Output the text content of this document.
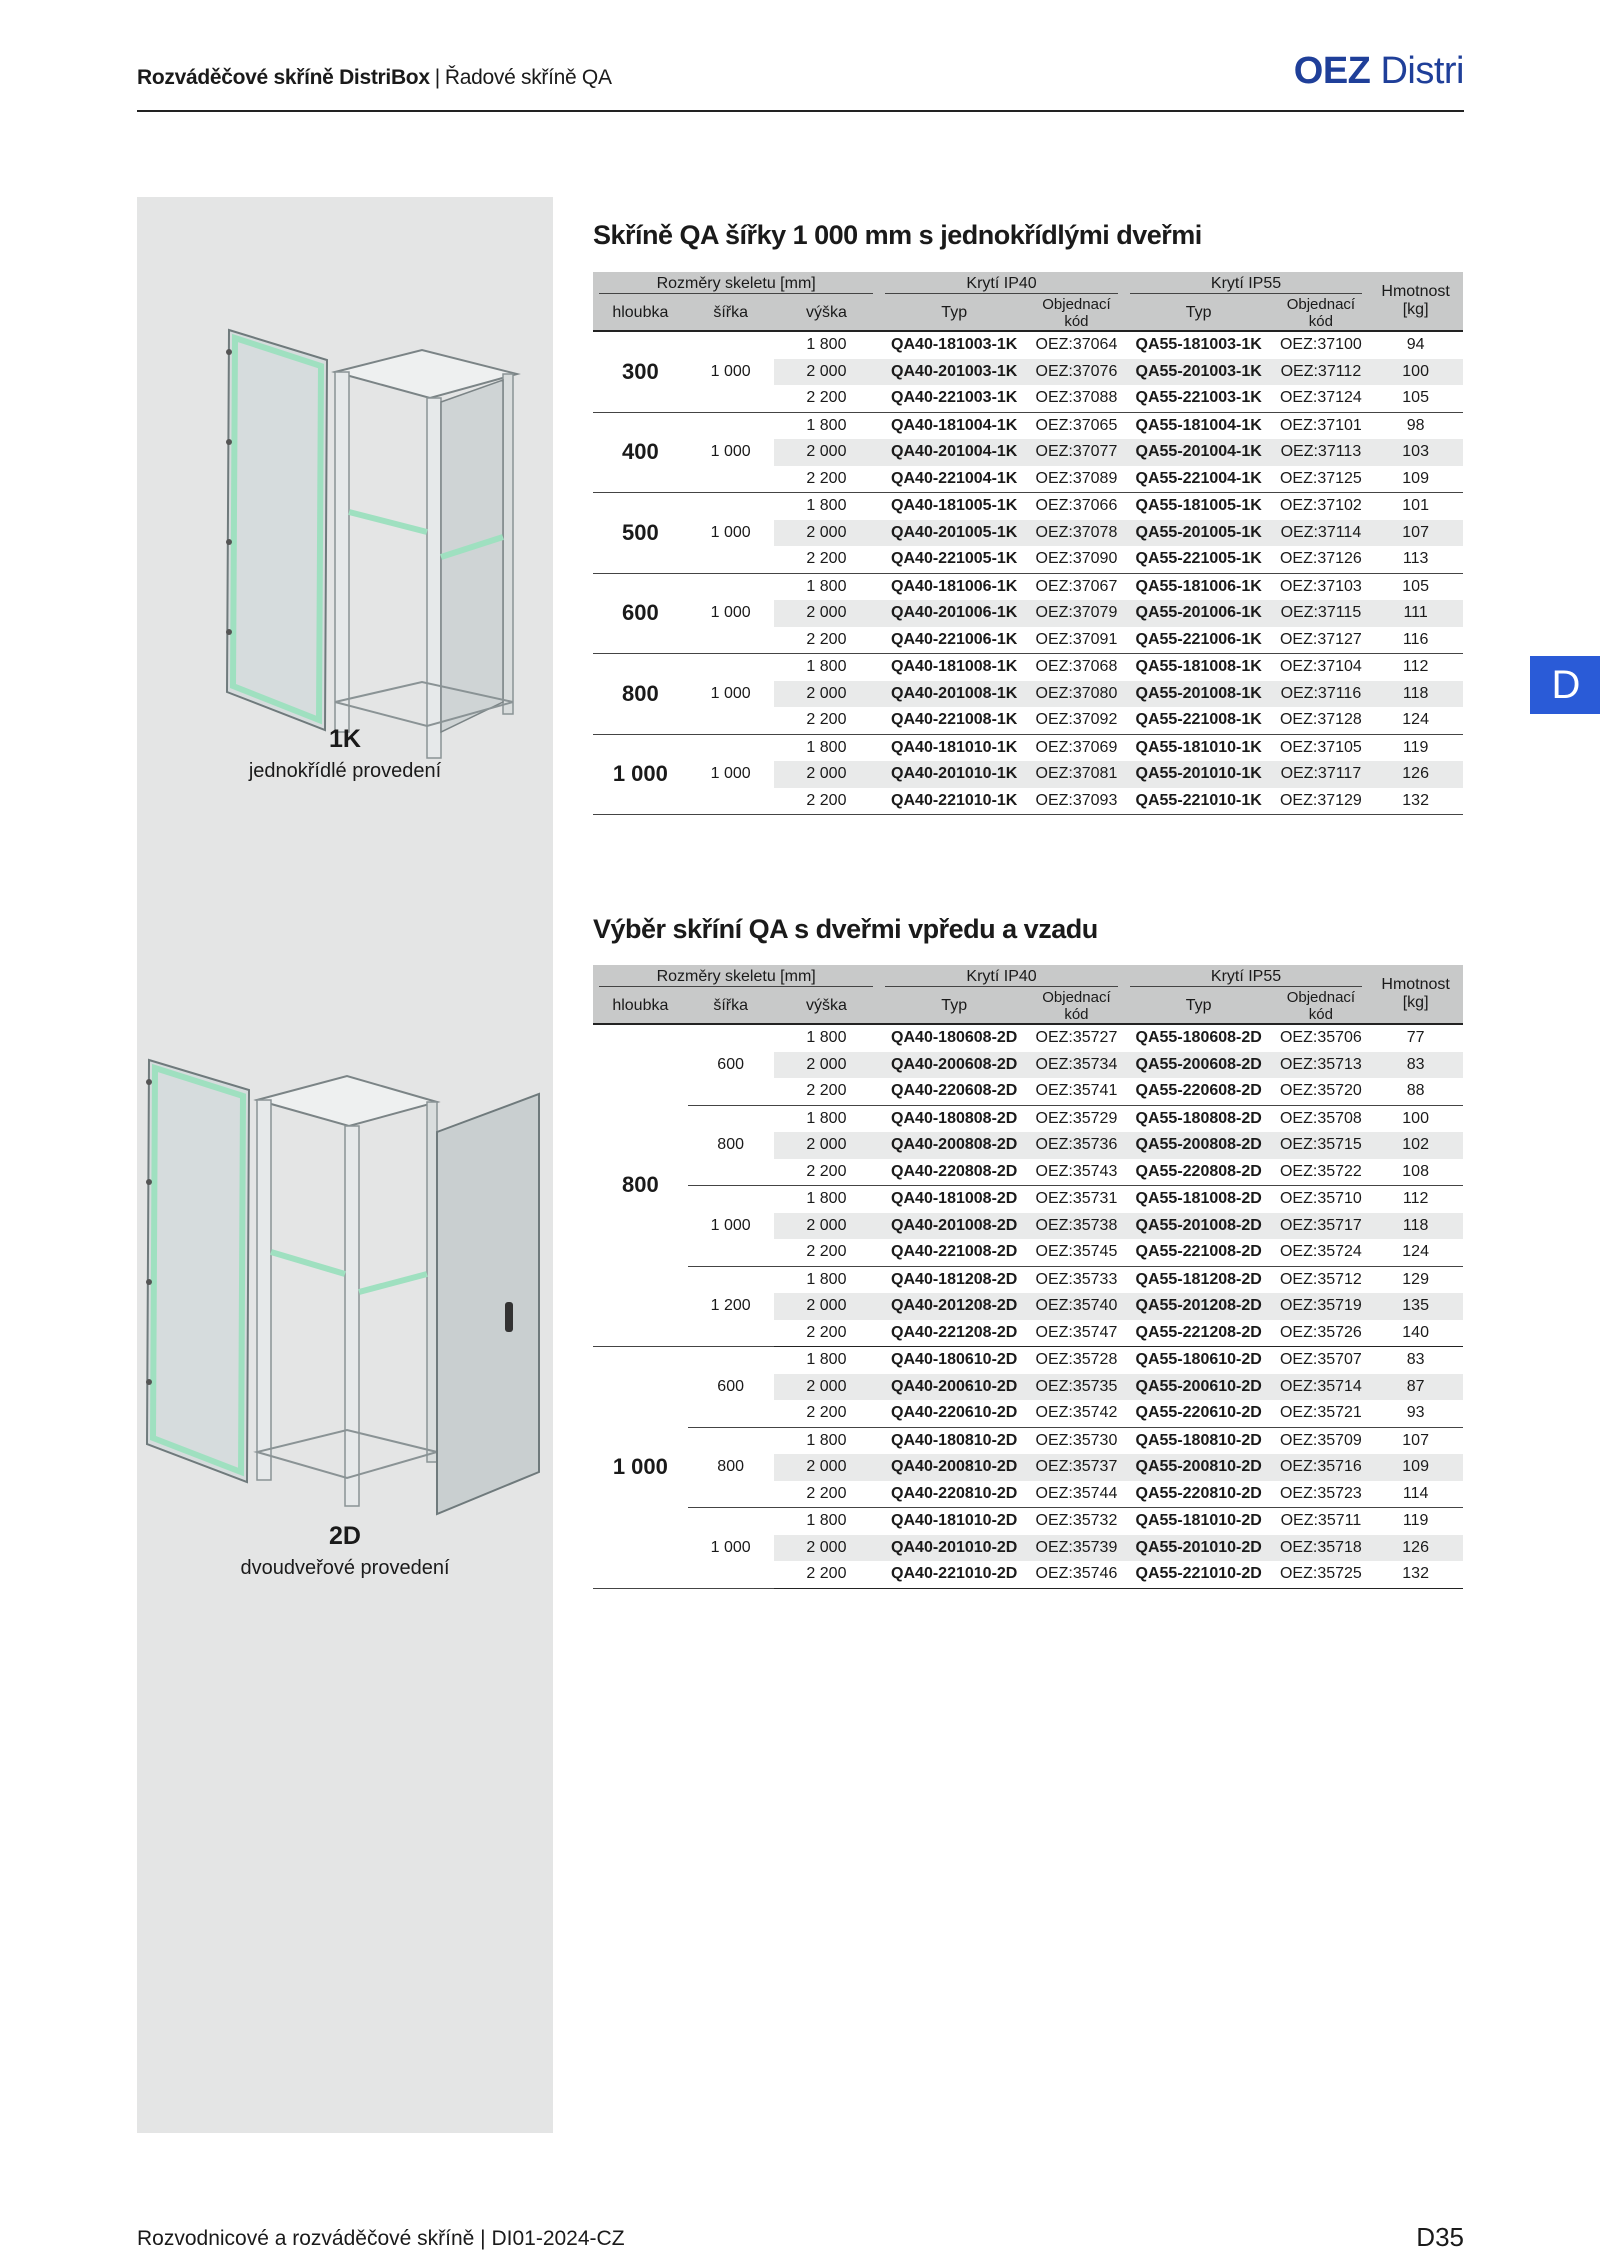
Rozváděčové skříně DistriBox | Řadové skříně QA	OEZ Distri
D
1K
jednokřídlé provedení
2D
dvoudveřové provedení
Skříně QA šířky 1 000 mm s jednokřídlými dveřmi
Rozměry skeletu [mm]			Krytí IP40		Krytí IP55		Hmotnost
[kg]
hloubka	šířka	výška	Typ	Objednací kód	Typ	Objednací kód	
300	1 000	1 800	QA40-181003-1K	OEZ:37064	QA55-181003-1K	OEZ:37100	94
		2 000	QA40-201003-1K	OEZ:37076	QA55-201003-1K	OEZ:37112	100
		2 200	QA40-221003-1K	OEZ:37088	QA55-221003-1K	OEZ:37124	105
400	1 000	1 800	QA40-181004-1K	OEZ:37065	QA55-181004-1K	OEZ:37101	98
		2 000	QA40-201004-1K	OEZ:37077	QA55-201004-1K	OEZ:37113	103
		2 200	QA40-221004-1K	OEZ:37089	QA55-221004-1K	OEZ:37125	109
500	1 000	1 800	QA40-181005-1K	OEZ:37066	QA55-181005-1K	OEZ:37102	101
		2 000	QA40-201005-1K	OEZ:37078	QA55-201005-1K	OEZ:37114	107
		2 200	QA40-221005-1K	OEZ:37090	QA55-221005-1K	OEZ:37126	113
600	1 000	1 800	QA40-181006-1K	OEZ:37067	QA55-181006-1K	OEZ:37103	105
		2 000	QA40-201006-1K	OEZ:37079	QA55-201006-1K	OEZ:37115	111
		2 200	QA40-221006-1K	OEZ:37091	QA55-221006-1K	OEZ:37127	116
800	1 000	1 800	QA40-181008-1K	OEZ:37068	QA55-181008-1K	OEZ:37104	112
		2 000	QA40-201008-1K	OEZ:37080	QA55-201008-1K	OEZ:37116	118
		2 200	QA40-221008-1K	OEZ:37092	QA55-221008-1K	OEZ:37128	124
1 000	1 000	1 800	QA40-181010-1K	OEZ:37069	QA55-181010-1K	OEZ:37105	119
		2 000	QA40-201010-1K	OEZ:37081	QA55-201010-1K	OEZ:37117	126
		2 200	QA40-221010-1K	OEZ:37093	QA55-221010-1K	OEZ:37129	132
Výběr skříní QA s dveřmi vpředu a vzadu
Rozměry skeletu [mm]			Krytí IP40		Krytí IP55		Hmotnost
[kg]
hloubka	šířka	výška	Typ	Objednací kód	Typ	Objednací kód	
800	600	1 800	QA40-180608-2D	OEZ:35727	QA55-180608-2D	OEZ:35706	77
		2 000	QA40-200608-2D	OEZ:35734	QA55-200608-2D	OEZ:35713	83
		2 200	QA40-220608-2D	OEZ:35741	QA55-220608-2D	OEZ:35720	88
	800	1 800	QA40-180808-2D	OEZ:35729	QA55-180808-2D	OEZ:35708	100
		2 000	QA40-200808-2D	OEZ:35736	QA55-200808-2D	OEZ:35715	102
		2 200	QA40-220808-2D	OEZ:35743	QA55-220808-2D	OEZ:35722	108
	1 000	1 800	QA40-181008-2D	OEZ:35731	QA55-181008-2D	OEZ:35710	112
		2 000	QA40-201008-2D	OEZ:35738	QA55-201008-2D	OEZ:35717	118
		2 200	QA40-221008-2D	OEZ:35745	QA55-221008-2D	OEZ:35724	124
	1 200	1 800	QA40-181208-2D	OEZ:35733	QA55-181208-2D	OEZ:35712	129
		2 000	QA40-201208-2D	OEZ:35740	QA55-201208-2D	OEZ:35719	135
		2 200	QA40-221208-2D	OEZ:35747	QA55-221208-2D	OEZ:35726	140
1 000	600	1 800	QA40-180610-2D	OEZ:35728	QA55-180610-2D	OEZ:35707	83
		2 000	QA40-200610-2D	OEZ:35735	QA55-200610-2D	OEZ:35714	87
		2 200	QA40-220610-2D	OEZ:35742	QA55-220610-2D	OEZ:35721	93
	800	1 800	QA40-180810-2D	OEZ:35730	QA55-180810-2D	OEZ:35709	107
		2 000	QA40-200810-2D	OEZ:35737	QA55-200810-2D	OEZ:35716	109
		2 200	QA40-220810-2D	OEZ:35744	QA55-220810-2D	OEZ:35723	114
	1 000	1 800	QA40-181010-2D	OEZ:35732	QA55-181010-2D	OEZ:35711	119
		2 000	QA40-201010-2D	OEZ:35739	QA55-201010-2D	OEZ:35718	126
		2 200	QA40-221010-2D	OEZ:35746	QA55-221010-2D	OEZ:35725	132
Rozvodnicové a rozváděčové skříně | DI01-2024-CZ	D35
